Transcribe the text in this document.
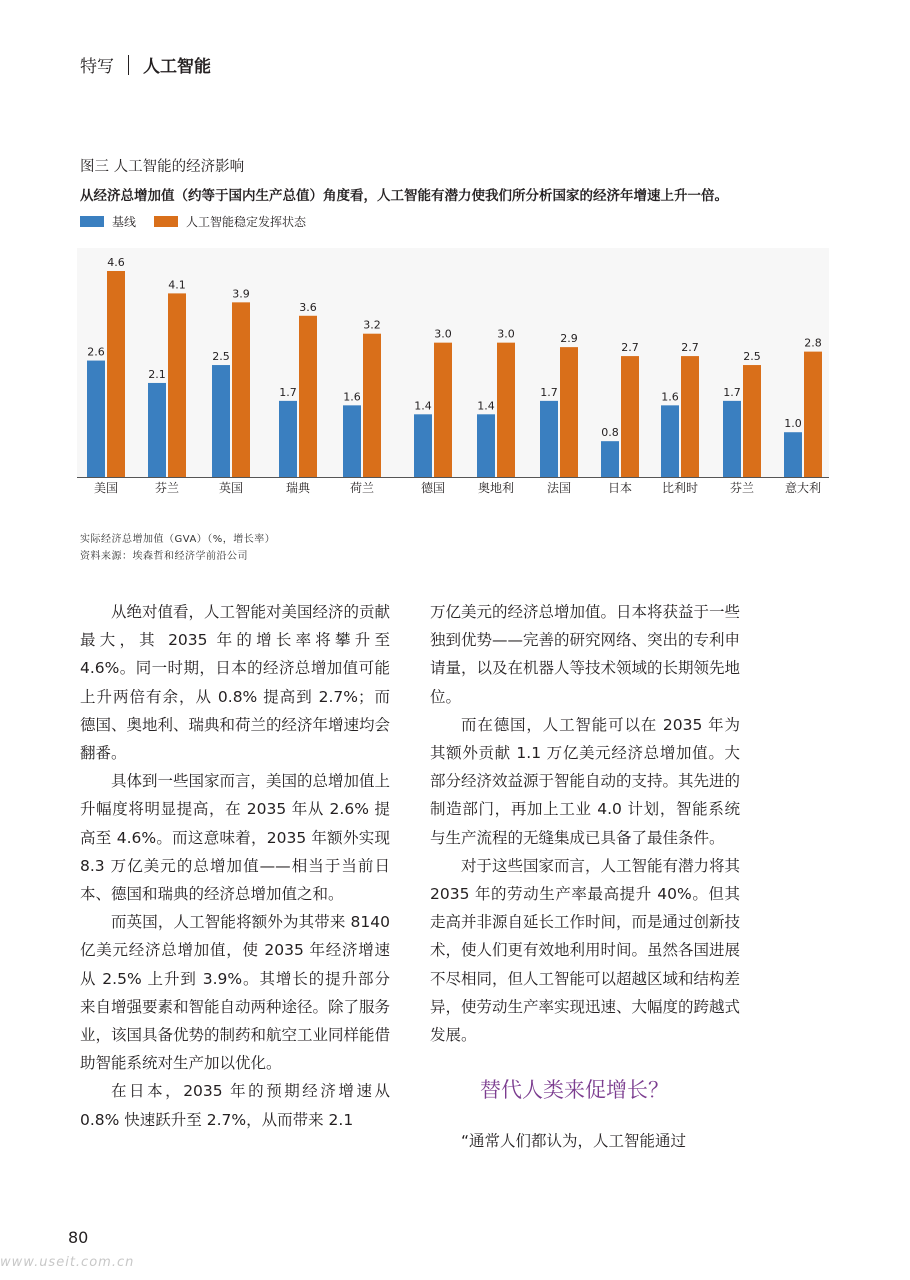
特写 人工智能
图三 人工智能的经济影响
从经济总增加值（约等于国内生产总值）角度看，人工智能有潜力使我们所分析国家的经济年增速上升一倍。
基线	人工智能稳定发挥状态
2.6
4.6
美国
2.1
4.1
芬兰
2.5
3.9
英国
1.7
3.6
瑞典
1.6
3.2
荷兰
1.4
3.0
德国
1.4
3.0
奥地利
1.7
2.9
法国
0.8
2.7
日本
1.6
2.7
比利时
1.7
2.5
芬兰
1.0
2.8
意大利
实际经济总增加值（GVA）（%，增长率）
资料来源：埃森哲和经济学前沿公司

从绝对值看，人工智能对美国经济的贡献最大，其 2035 年的增长率将攀升至 4.6%。同一时期，日本的经济总增加值可能上升两倍有余，从 0.8% 提高到 2.7%；而德国、奥地利、瑞典和荷兰的经济年增速均会翻番。

具体到一些国家而言，美国的总增加值上升幅度将明显提高，在 2035 年从 2.6% 提高至 4.6%。而这意味着，2035 年额外实现 8.3 万亿美元的总增加值——相当于当前日本、德国和瑞典的经济总增加值之和。

而英国，人工智能将额外为其带来 8140 亿美元经济总增加值，使 2035 年经济增速从 2.5% 上升到 3.9%。其增长的提升部分来自增强要素和智能自动两种途径。除了服务业，该国具备优势的制药和航空工业同样能借助智能系统对生产加以优化。

在日本，2035 年的预期经济增速从 0.8% 快速跃升至 2.7%，从而带来 2.1

万亿美元的经济总增加值。日本将获益于一些独到优势——完善的研究网络、突出的专利申请量，以及在机器人等技术领域的长期领先地位。

而在德国，人工智能可以在 2035 年为其额外贡献 1.1 万亿美元经济总增加值。大部分经济效益源于智能自动的支持。其先进的制造部门，再加上工业 4.0 计划，智能系统与生产流程的无缝集成已具备了最佳条件。

对于这些国家而言，人工智能有潜力将其 2035 年的劳动生产率最高提升 40%。但其走高并非源自延长工作时间，而是通过创新技术，使人们更有效地利用时间。虽然各国进展不尽相同，但人工智能可以超越区域和结构差异，使劳动生产率实现迅速、大幅度的跨越式发展。

替代人类来促增长？

“通常人们都认为，人工智能通过

80
www.useit.com.cn
